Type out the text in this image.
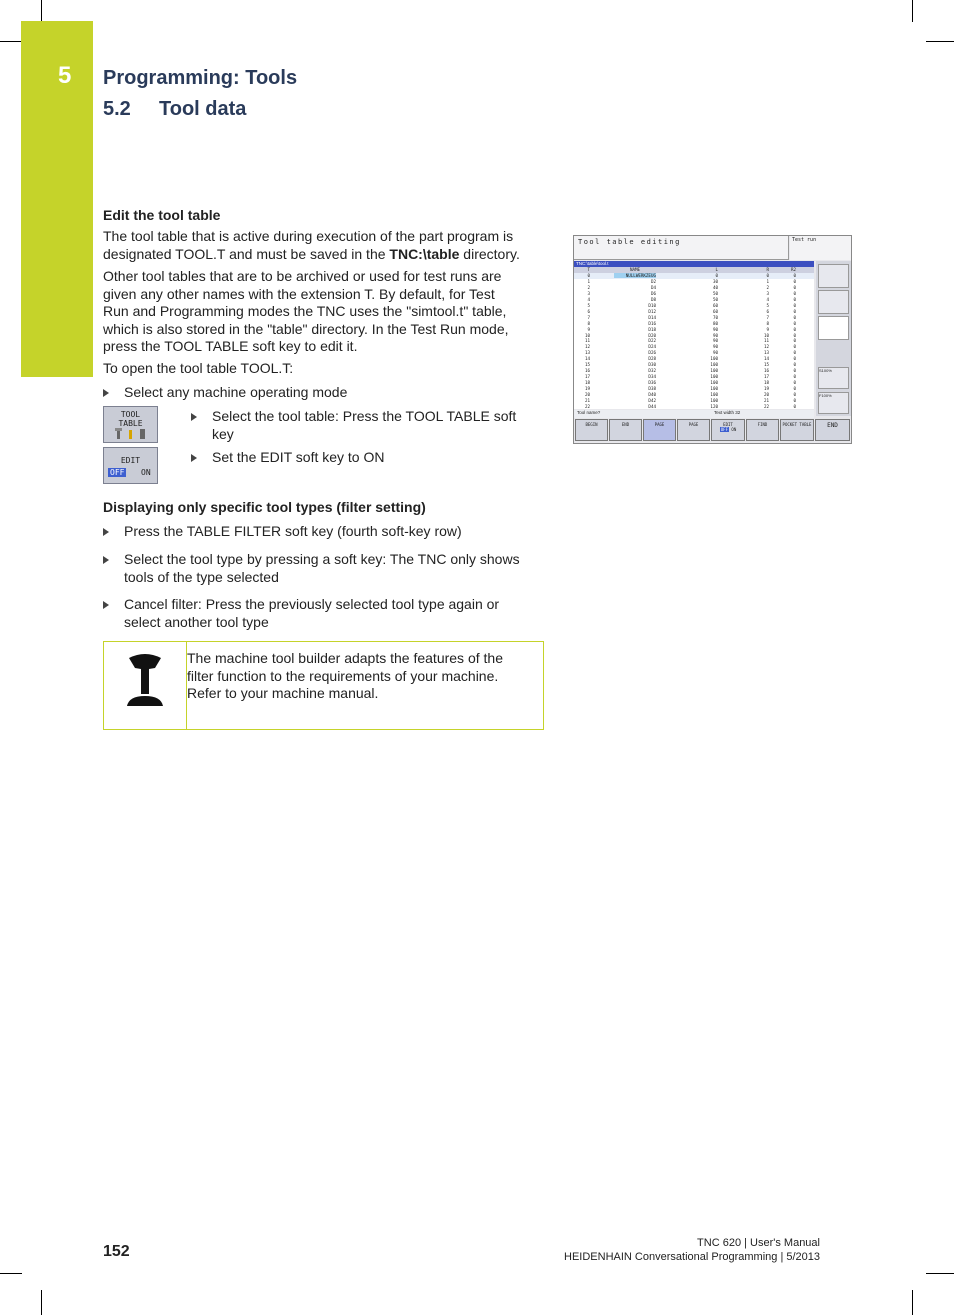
5 Programming: Tools
5.2 Tool data
Edit the tool table
The tool table that is active during execution of the part program is
designated TOOL.T and must be saved in the TNC:\table directory.
Other tool tables that are to be archived or used for test runs are
given any other names with the extension T. By default, for Test
Run and Programming modes the TNC uses the "simtool.t" table,
which is also stored in the "table" directory. In the Test Run mode,
press the TOOL TABLE soft key to edit it.
To open the tool table TOOL.T:
Select any machine operating mode
TOOL
TABLE	Select the tool table: Press the TOOL TABLE soft
key
EDIT
OFF ON
Set the EDIT soft key to ON
Displaying only specific tool types (filter setting)
Press the TABLE FILTER soft key (fourth soft-key row)
Select the tool type by pressing a soft key: The TNC only shows
tools of the type selected
Cancel filter: Press the previously selected tool type again or
select another tool type
The machine tool builder adapts the features of the
filter function to the requirements of your machine.
Refer to your machine manual.
Tool table editing	Test run
TNC:\table\tool.t
T	NAME	L	R	R2
0	NULLWERKZEUG	0	0	0
1	D2	30	1	0
2	D4	40	2	0
3	D6	50	3	0
4	D8	50	4	0
5	D10	60	5	0
6	D12	60	6	0
7	D14	70	7	0
8	D16	80	8	0
9	D18	90	9	0
10	D20	90	10	0
11	D22	90	11	0
12	D24	90	12	0
13	D26	90	13	0
14	D28	100	14	0
15	D30	100	15	0
16	D32	100	16	0
17	D34	100	17	0
18	D36	100	18	0
19	D38	100	19	0
20	D40	100	20	0
21	D42	100	21	0
22	D44	120	22	0
S100%
F100%
Tool name?	Text width 32
BEGIN	END	PAGE	PAGE	EDIT
OFF ON
FIND	POCKET TABLE	END
152	TNC 620 | User's Manual
HEIDENHAIN Conversational Programming | 5/2013
